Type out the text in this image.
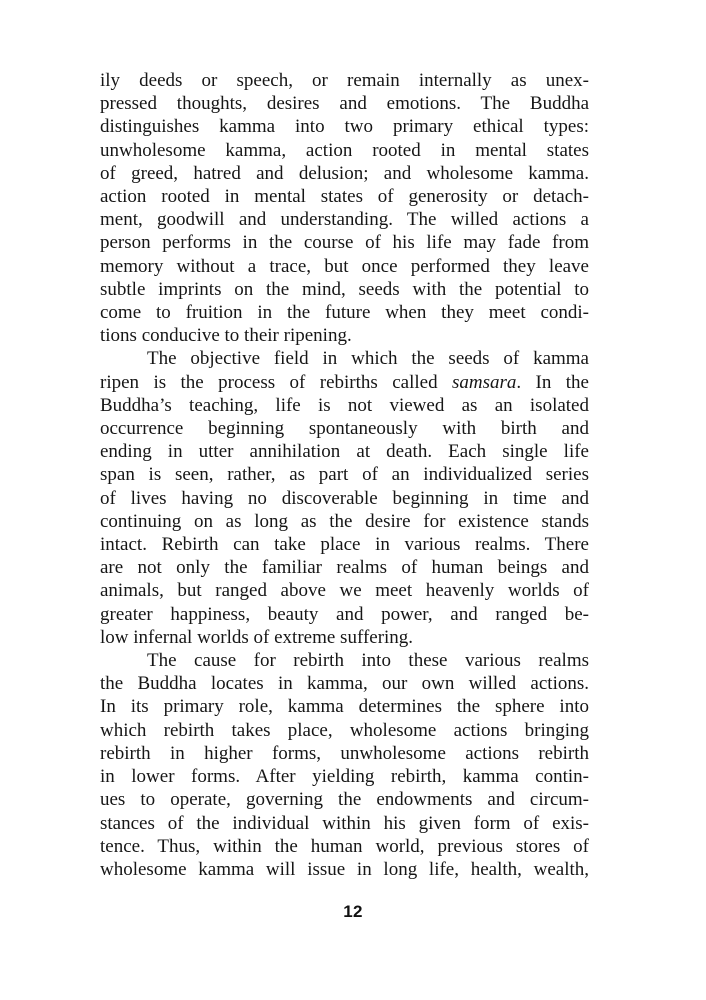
ily deeds or speech, or remain internally as unex-
pressed thoughts, desires and emotions. The Buddha
distinguishes kamma into two primary ethical types:
unwholesome kamma, action rooted in mental states
of greed, hatred and delusion; and wholesome kamma.
action rooted in mental states of generosity or detach-
ment, goodwill and understanding. The willed actions a
person performs in the course of his life may fade from
memory without a trace, but once performed they leave
subtle imprints on the mind, seeds with the potential to
come to fruition in the future when they meet condi-
tions conducive to their ripening.
The objective field in which the seeds of kamma
ripen is the process of rebirths called samsara. In the
Buddha’s teaching, life is not viewed as an isolated
occurrence beginning spontaneously with birth and
ending in utter annihilation at death. Each single life
span is seen, rather, as part of an individualized series
of lives having no discoverable beginning in time and
continuing on as long as the desire for existence stands
intact. Rebirth can take place in various realms. There
are not only the familiar realms of human beings and
animals, but ranged above we meet heavenly worlds of
greater happiness, beauty and power, and ranged be-
low infernal worlds of extreme suffering.
The cause for rebirth into these various realms
the Buddha locates in kamma, our own willed actions.
In its primary role, kamma determines the sphere into
which rebirth takes place, wholesome actions bringing
rebirth in higher forms, unwholesome actions rebirth
in lower forms. After yielding rebirth, kamma contin-
ues to operate, governing the endowments and circum-
stances of the individual within his given form of exis-
tence. Thus, within the human world, previous stores of
wholesome kamma will issue in long life, health, wealth,
12
